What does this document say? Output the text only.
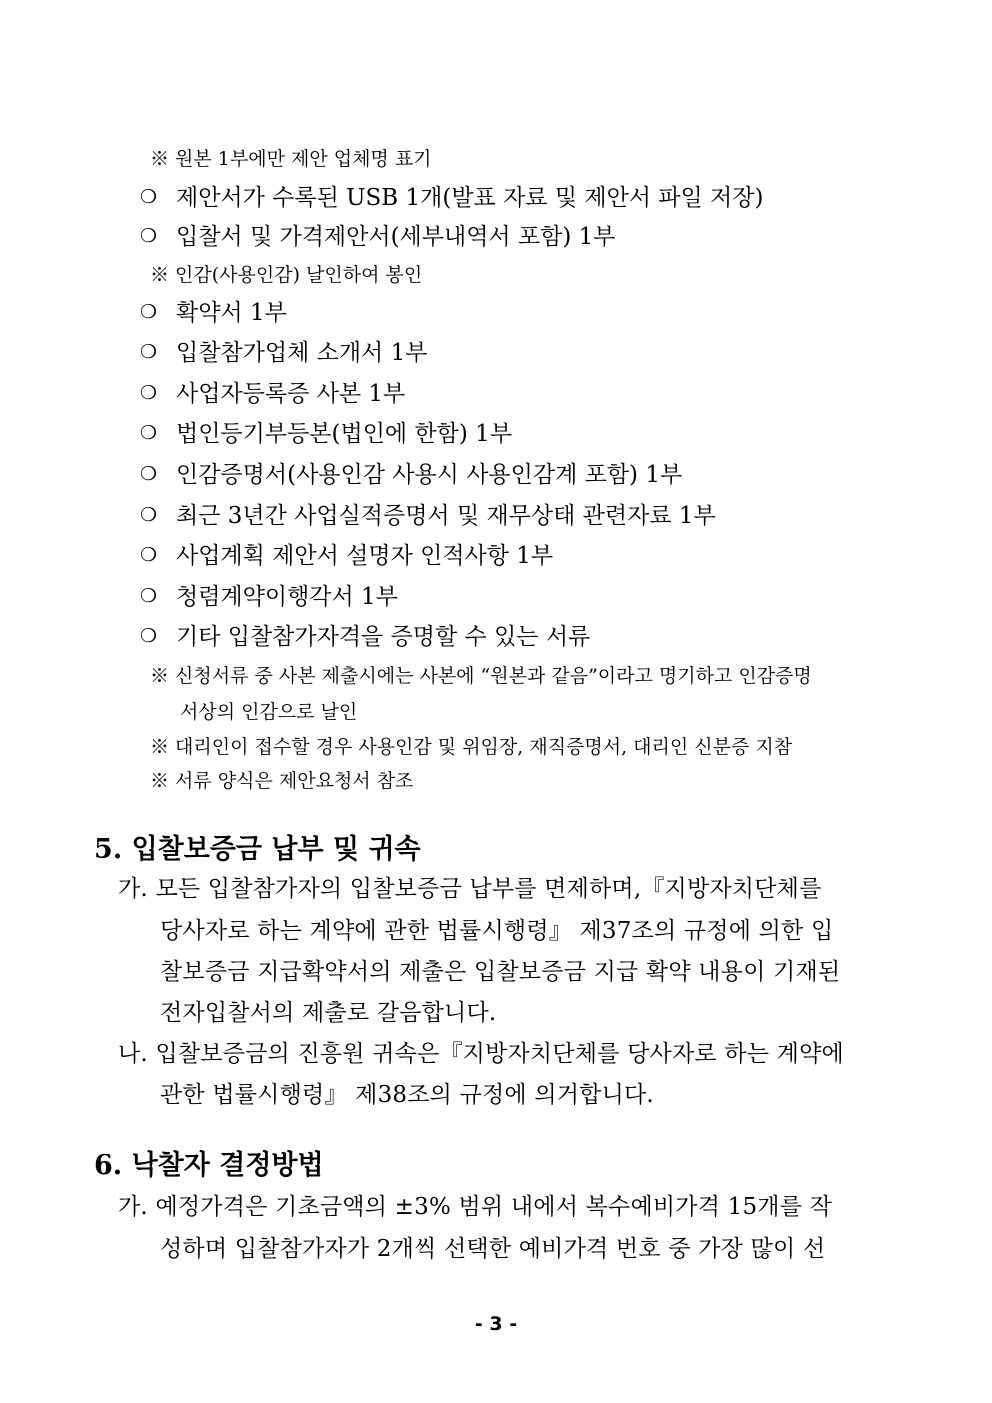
※ 원본 1부에만 제안 업체명 표기
❍ 제안서가 수록된 USB 1개(발표 자료 및 제안서 파일 저장)
❍ 입찰서 및 가격제안서(세부내역서 포함) 1부
※ 인감(사용인감) 날인하여 봉인
❍ 확약서 1부
❍ 입찰참가업체 소개서 1부
❍ 사업자등록증 사본 1부
❍ 법인등기부등본(법인에 한함) 1부
❍ 인감증명서(사용인감 사용시 사용인감계 포함) 1부
❍ 최근 3년간 사업실적증명서 및 재무상태 관련자료 1부
❍ 사업계획 제안서 설명자 인적사항 1부
❍ 청렴계약이행각서 1부
❍ 기타 입찰참가자격을 증명할 수 있는 서류
※ 신청서류 중 사본 제출시에는 사본에 “원본과 같음”이라고 명기하고 인감증명
서상의 인감으로 날인
※ 대리인이 접수할 경우 사용인감 및 위임장, 재직증명서, 대리인 신분증 지참
※ 서류 양식은 제안요청서 참조
5. 입찰보증금 납부 및 귀속
가. 모든 입찰참가자의 입찰보증금 납부를 면제하며,『지방자치단체를
당사자로 하는 계약에 관한 법률시행령』 제37조의 규정에 의한 입
찰보증금 지급확약서의 제출은 입찰보증금 지급 확약 내용이 기재된
전자입찰서의 제출로 갈음합니다.
나. 입찰보증금의 진흥원 귀속은『지방자치단체를 당사자로 하는 계약에
관한 법률시행령』 제38조의 규정에 의거합니다.
6. 낙찰자 결정방법
가. 예정가격은 기초금액의 ±3% 범위 내에서 복수예비가격 15개를 작
성하며 입찰참가자가 2개씩 선택한 예비가격 번호 중 가장 많이 선
- 3 -
